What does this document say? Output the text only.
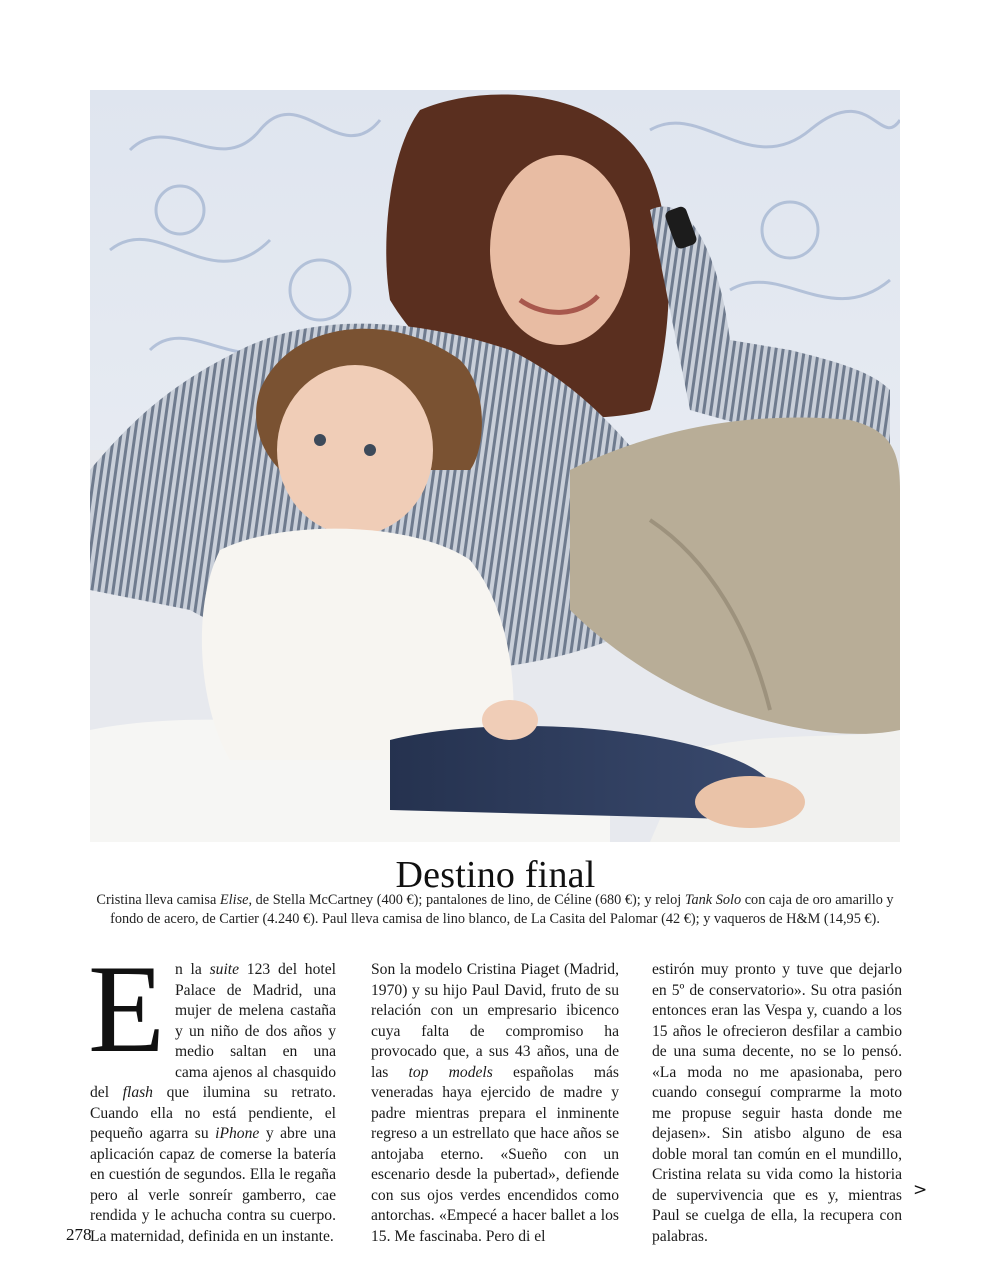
Destino final
Cristina lleva camisa Elise, de Stella McCartney (400 €); pantalones de lino, de Céline (680 €); y reloj Tank Solo con caja de oro amarillo y fondo de acero, de Cartier (4.240 €). Paul lleva camisa de lino blanco, de La Casita del Palomar (42 €); y vaqueros de H&M (14,95 €).

En la suite 123 del hotel Palace de Madrid, una mujer de melena castaña y un niño de dos años y medio saltan en una cama ajenos al chasquido del flash que ilumina su retrato. Cuando ella no está pendiente, el pequeño agarra su iPhone y abre una aplicación capaz de comerse la batería en cuestión de segundos. Ella le regaña pero al verle sonreír gamberro, cae rendida y le achucha contra su cuerpo. La maternidad, definida en un instante.

Son la modelo Cristina Piaget (Madrid, 1970) y su hijo Paul David, fruto de su relación con un empresario ibicenco cuya falta de compromiso ha provocado que, a sus 43 años, una de las top models españolas más veneradas haya ejercido de madre y padre mientras prepara el inminente regreso a un estrellato que hace años se antojaba eterno. «Sueño con un escenario desde la pubertad», defiende con sus ojos verdes encendidos como antorchas. «Empecé a hacer ballet a los 15. Me fascinaba. Pero di el

estirón muy pronto y tuve que dejarlo en 5º de conservatorio». Su otra pasión entonces eran las Vespa y, cuando a los 15 años le ofrecieron desfilar a cambio de una suma decente, no se lo pensó. «La moda no me apasionaba, pero cuando conseguí comprarme la moto me propuse seguir hasta donde me dejasen». Sin atisbo alguno de esa doble moral tan común en el mundillo, Cristina relata su vida como la historia de supervivencia que es y, mientras Paul se cuelga de ella, la recupera con palabras.

>
278
